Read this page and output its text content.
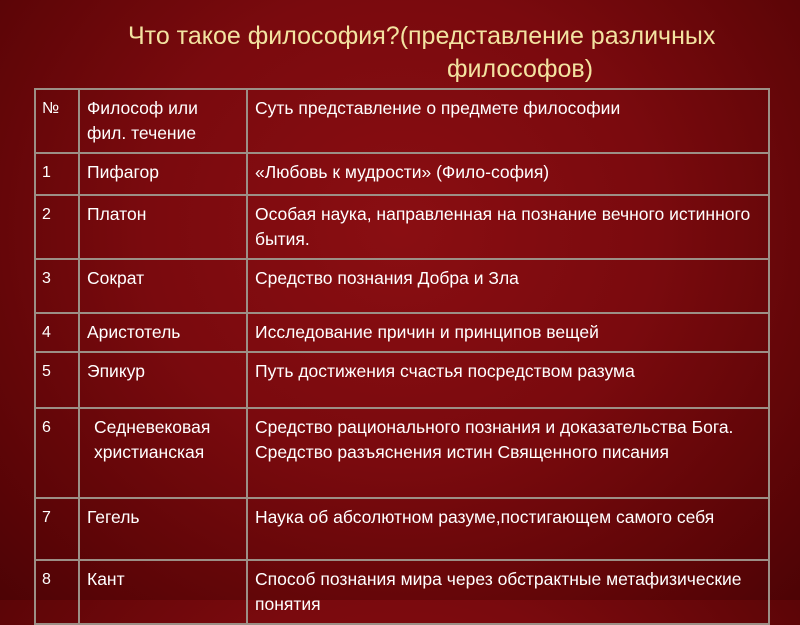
Что такое философия?(представление различных
философов)
№	Философ или фил. течение	Суть представление о предмете философии
1	Пифагор	«Любовь к мудрости» (Фило-софия)
2	Платон	Особая наука, направленная на познание вечного истинного бытия.
3	Сократ	Средство познания Добра и Зла
4	Аристотель	Исследование причин и принципов вещей
5	Эпикур	Путь достижения счастья посредством разума
6	Седневековая христианская	Средство рационального познания и доказательства Бога. Средство разъяснения истин Священного писания
7	Гегель	Наука об абсолютном разуме,постигающем самого себя
8	Кант	Способ познания мира через обстрактные метафизические понятия
